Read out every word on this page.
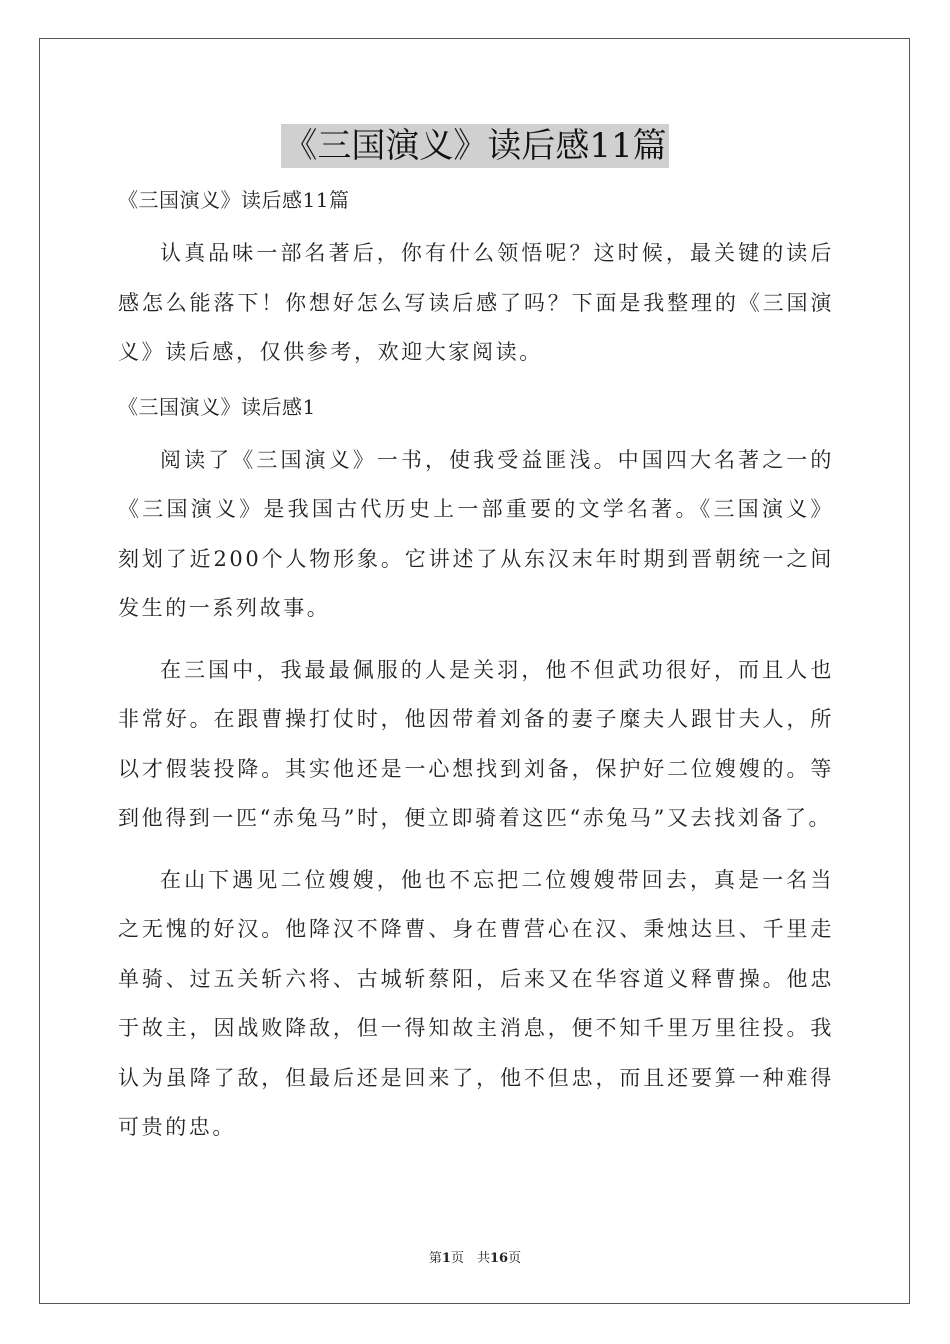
《三国演义》读后感11篇

《三国演义》读后感11篇

认真品味一部名著后，你有什么领悟呢？这时候，最关键的读后感怎么能落下！你想好怎么写读后感了吗？下面是我整理的《三国演义》读后感，仅供参考，欢迎大家阅读。

《三国演义》读后感1

阅读了《三国演义》一书，使我受益匪浅。中国四大名著之一的《三国演义》是我国古代历史上一部重要的文学名著。《三国演义》刻划了近200个人物形象。它讲述了从东汉末年时期到晋朝统一之间发生的一系列故事。

在三国中，我最最佩服的人是关羽，他不但武功很好，而且人也非常好。在跟曹操打仗时，他因带着刘备的妻子糜夫人跟甘夫人，所以才假装投降。其实他还是一心想找到刘备，保护好二位嫂嫂的。等到他得到一匹“赤兔马”时，便立即骑着这匹“赤兔马”又去找刘备了。

在山下遇见二位嫂嫂，他也不忘把二位嫂嫂带回去，真是一名当之无愧的好汉。他降汉不降曹、身在曹营心在汉、秉烛达旦、千里走单骑、过五关斩六将、古城斩蔡阳，后来又在华容道义释曹操。他忠于故主，因战败降敌，但一得知故主消息，便不知千里万里往投。我认为虽降了敌，但最后还是回来了，他不但忠，而且还要算一种难得可贵的忠。

第1页　共16页
